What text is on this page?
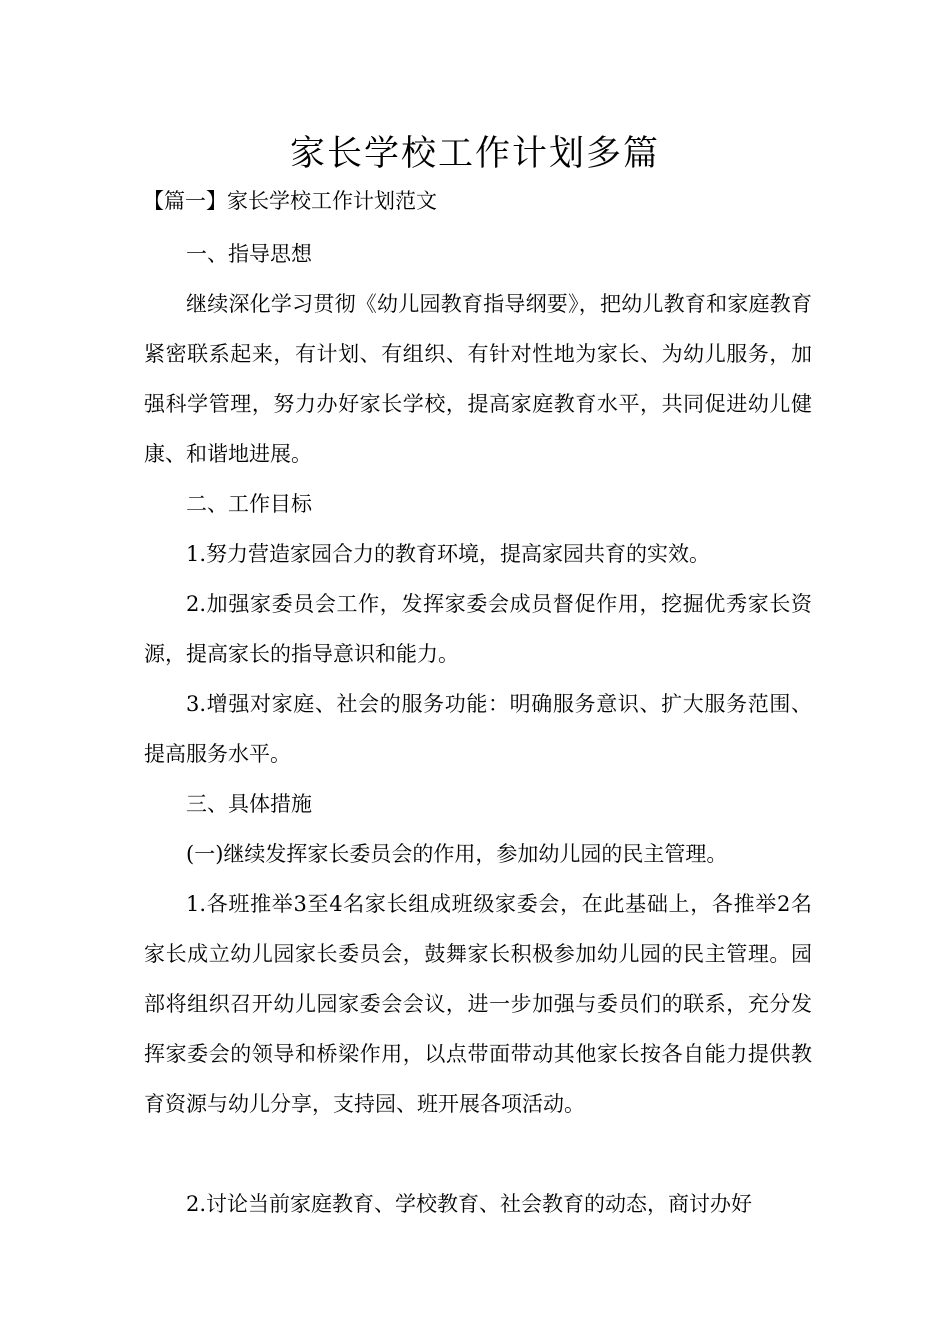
家长学校工作计划多篇
【篇一】家长学校工作计划范文

一、指导思想

继续深化学习贯彻《幼儿园教育指导纲要》，把幼儿教育和家庭教育紧密联系起来，有计划、有组织、有针对性地为家长、为幼儿服务，加强科学管理，努力办好家长学校，提高家庭教育水平，共同促进幼儿健康、和谐地进展。

二、工作目标

1.努力营造家园合力的教育环境，提高家园共育的实效。

2.加强家委员会工作，发挥家委会成员督促作用，挖掘优秀家长资源，提高家长的指导意识和能力。

3.增强对家庭、社会的服务功能：明确服务意识、扩大服务范围、提高服务水平。

三、具体措施

(一)继续发挥家长委员会的作用，参加幼儿园的民主管理。

1.各班推举3至4名家长组成班级家委会，在此基础上，各推举2名家长成立幼儿园家长委员会，鼓舞家长积极参加幼儿园的民主管理。园部将组织召开幼儿园家委会会议，进一步加强与委员们的联系，充分发挥家委会的领导和桥梁作用，以点带面带动其他家长按各自能力提供教育资源与幼儿分享，支持园、班开展各项活动。

2.讨论当前家庭教育、学校教育、社会教育的动态，商讨办好
